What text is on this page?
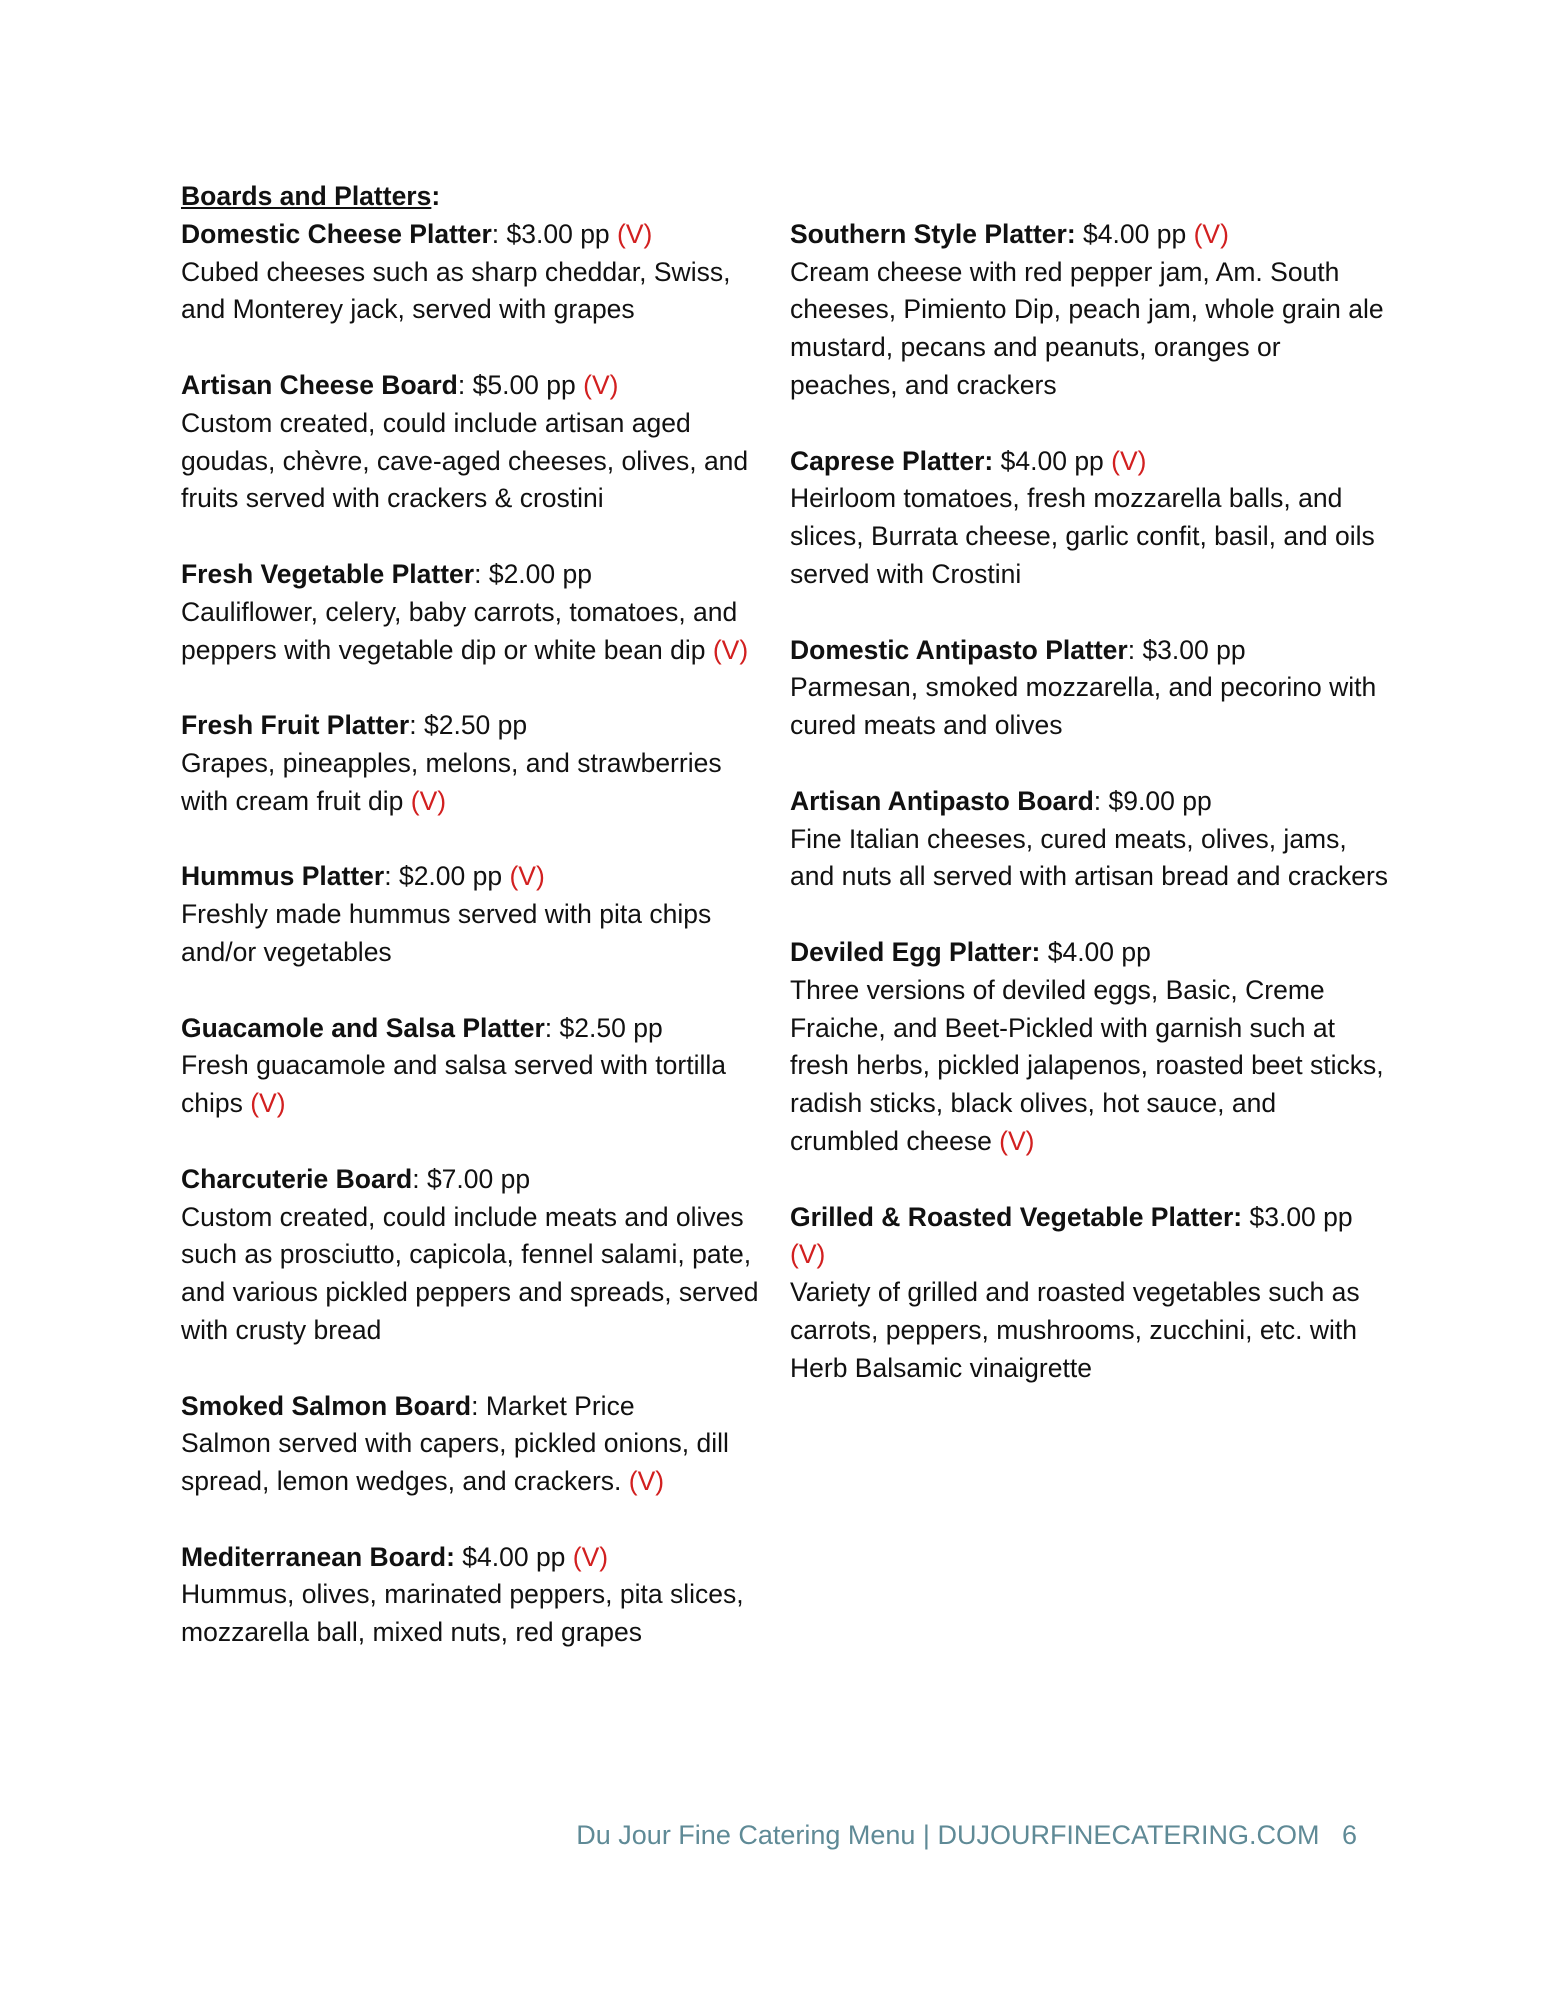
Boards and Platters:
Domestic Cheese Platter: $3.00 pp (V)
Cubed cheeses such as sharp cheddar, Swiss, and Monterey jack, served with grapes
Artisan Cheese Board: $5.00 pp (V)
Custom created, could include artisan aged goudas, chèvre, cave-aged cheeses, olives, and fruits served with crackers & crostini
Fresh Vegetable Platter: $2.00 pp
Cauliflower, celery, baby carrots, tomatoes, and peppers with vegetable dip or white bean dip (V)
Fresh Fruit Platter: $2.50 pp
Grapes, pineapples, melons, and strawberries with cream fruit dip (V)
Hummus Platter: $2.00 pp (V)
Freshly made hummus served with pita chips and/or vegetables
Guacamole and Salsa Platter: $2.50 pp
Fresh guacamole and salsa served with tortilla chips (V)
Charcuterie Board: $7.00 pp
Custom created, could include meats and olives such as prosciutto, capicola, fennel salami, pate, and various pickled peppers and spreads, served with crusty bread
Smoked Salmon Board: Market Price
Salmon served with capers, pickled onions, dill spread, lemon wedges, and crackers. (V)
Mediterranean Board: $4.00 pp (V)
Hummus, olives, marinated peppers, pita slices, mozzarella ball, mixed nuts, red grapes
Southern Style Platter: $4.00 pp (V)
Cream cheese with red pepper jam, Am. South cheeses, Pimiento Dip, peach jam, whole grain ale mustard, pecans and peanuts, oranges or peaches, and crackers
Caprese Platter: $4.00 pp (V)
Heirloom tomatoes, fresh mozzarella balls, and slices, Burrata cheese, garlic confit, basil, and oils served with Crostini
Domestic Antipasto Platter: $3.00 pp
Parmesan, smoked mozzarella, and pecorino with cured meats and olives
Artisan Antipasto Board: $9.00 pp
Fine Italian cheeses, cured meats, olives, jams, and nuts all served with artisan bread and crackers
Deviled Egg Platter: $4.00 pp
Three versions of deviled eggs, Basic, Creme Fraiche, and Beet-Pickled with garnish such at fresh herbs, pickled jalapenos, roasted beet sticks, radish sticks, black olives, hot sauce, and crumbled cheese (V)
Grilled & Roasted Vegetable Platter: $3.00 pp (V)
Variety of grilled and roasted vegetables such as carrots, peppers, mushrooms, zucchini, etc. with Herb Balsamic vinaigrette
Du Jour Fine Catering Menu | DUJOURFINECATERING.COM 6
